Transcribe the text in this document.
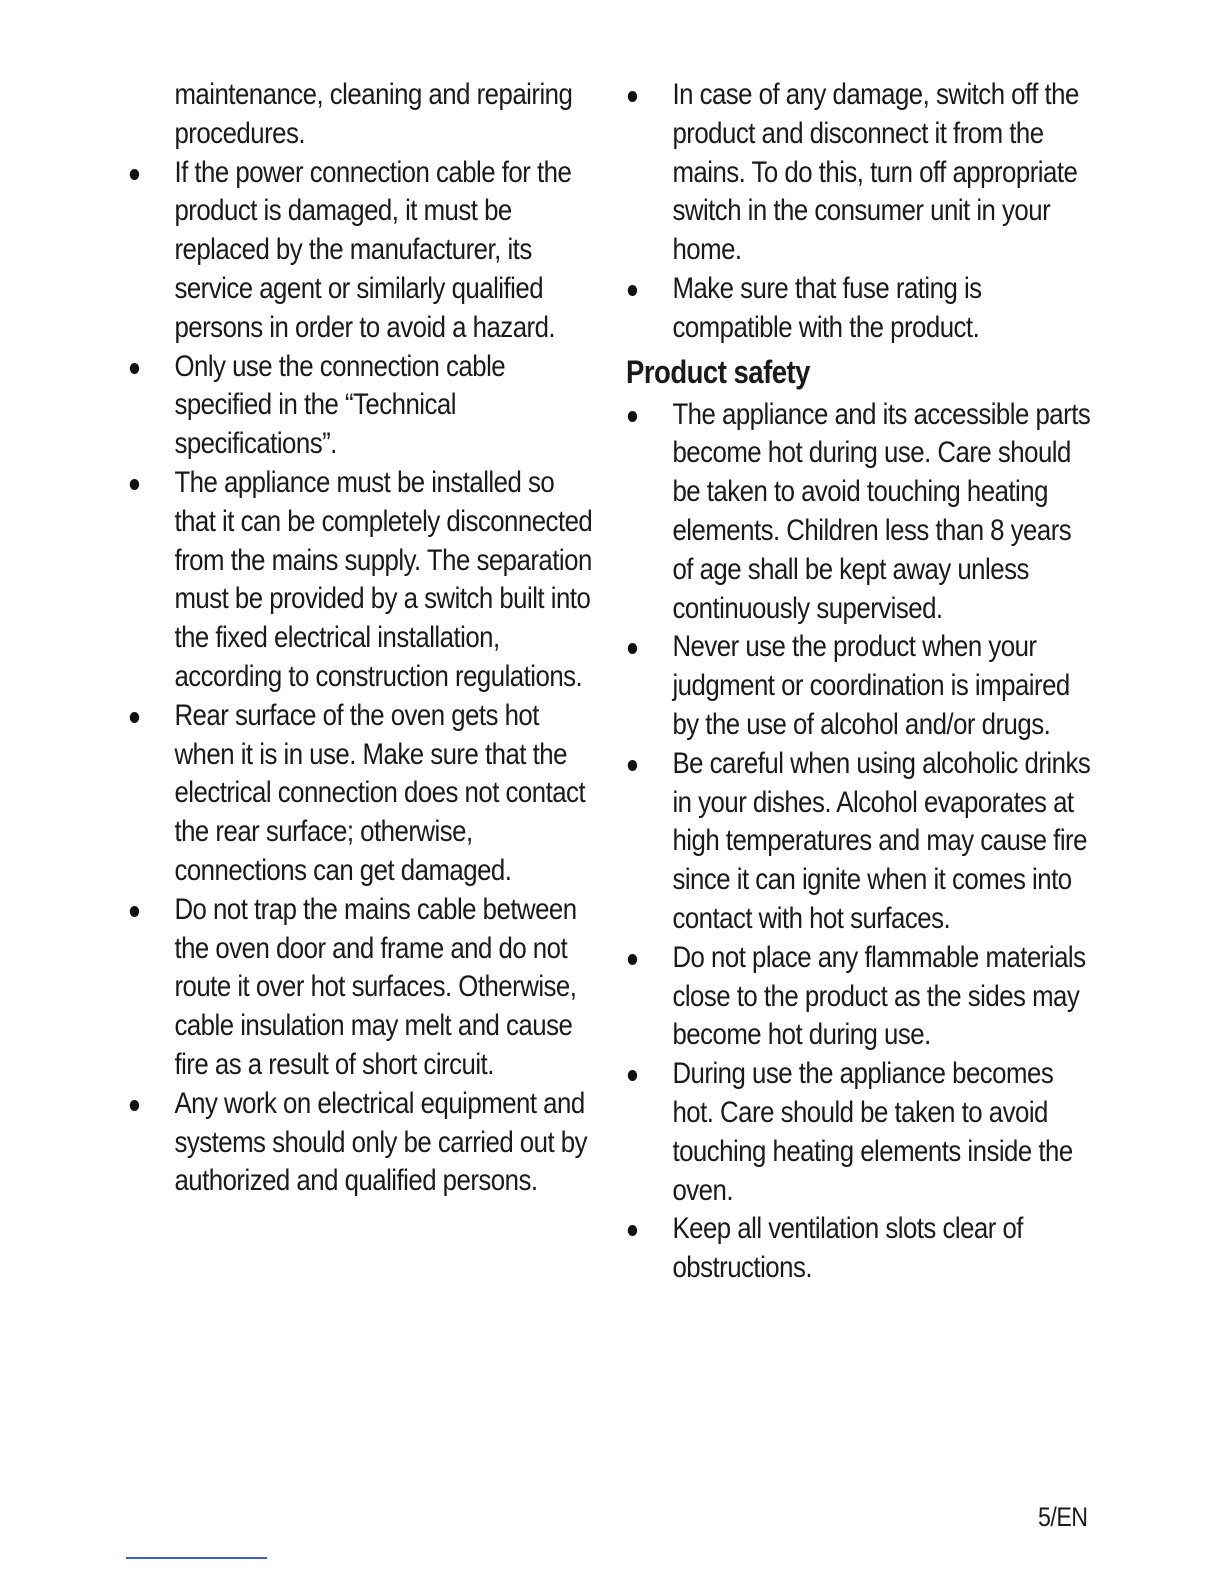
maintenance, cleaning and repairing procedures.

If the power connection cable for the product is damaged, it must be replaced by the manufacturer, its service agent or similarly qualified persons in order to avoid a hazard.
Only use the connection cable specified in the “Technical specifications”.
The appliance must be installed so that it can be completely disconnected from the mains supply. The separation must be provided by a switch built into the fixed electrical installation, according to construction regulations.
Rear surface of the oven gets hot when it is in use. Make sure that the electrical connection does not contact the rear surface; otherwise, connections can get damaged.
Do not trap the mains cable between the oven door and frame and do not route it over hot surfaces. Otherwise, cable insulation may melt and cause fire as a result of short circuit.
Any work on electrical equipment and systems should only be carried out by authorized and qualified persons.
In case of any damage, switch off the product and disconnect it from the mains. To do this, turn off appropriate switch in the consumer unit in your home.
Make sure that fuse rating is compatible with the product.
Product safety
The appliance and its accessible parts become hot during use. Care should be taken to avoid touching heating elements. Children less than 8 years of age shall be kept away unless continuously supervised.
Never use the product when your judgment or coordination is impaired by the use of alcohol and/or drugs.
Be careful when using alcoholic drinks in your dishes. Alcohol evaporates at high temperatures and may cause fire since it can ignite when it comes into contact with hot surfaces.
Do not place any flammable materials close to the product as the sides may become hot during use.
During use the appliance becomes hot. Care should be taken to avoid touching heating elements inside the oven.
Keep all ventilation slots clear of obstructions.
5/EN
